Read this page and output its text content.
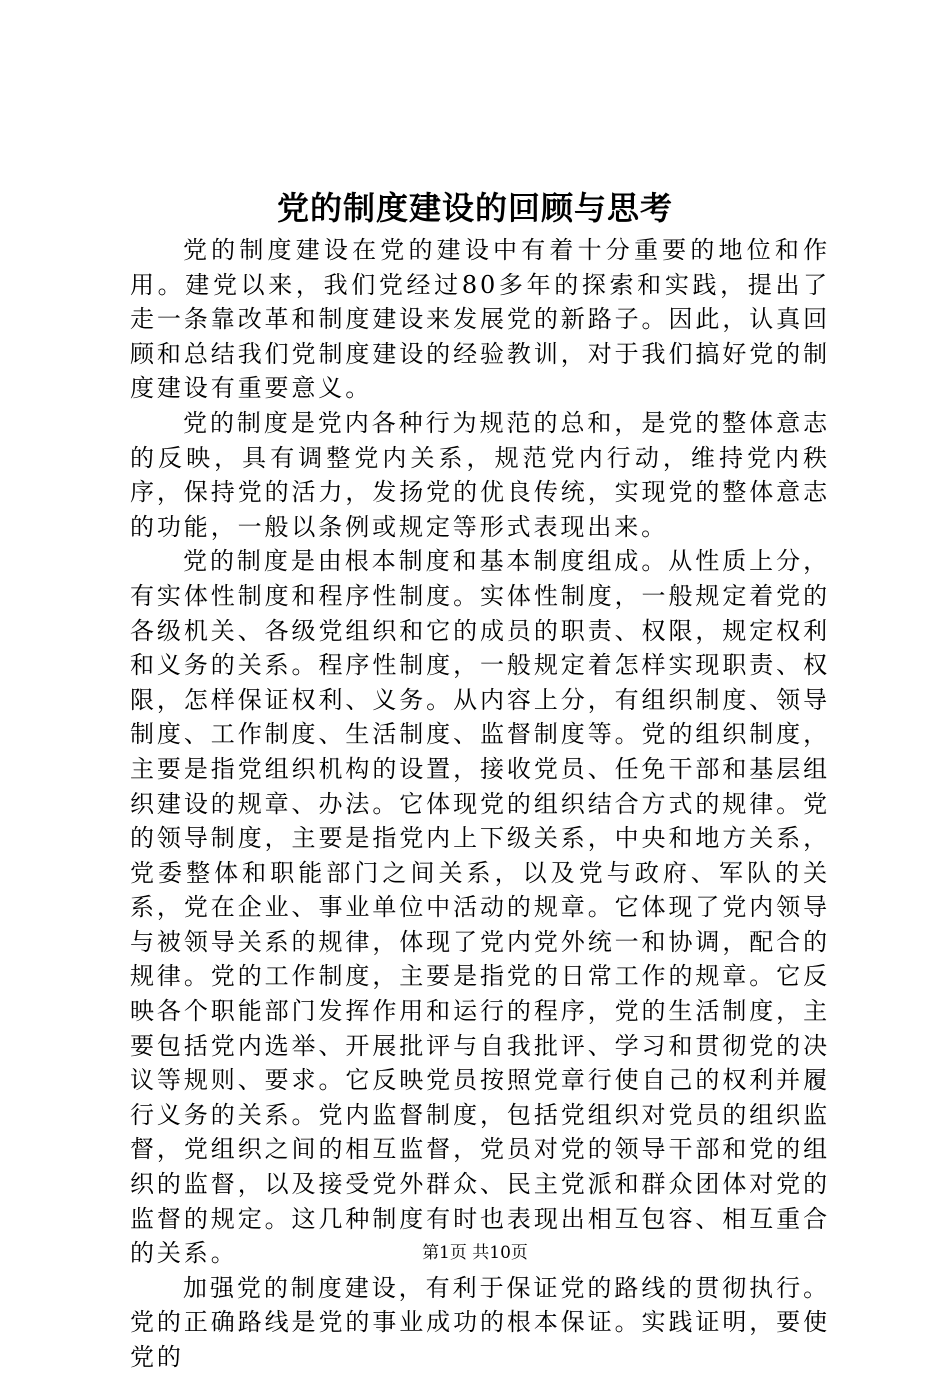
党的制度建设的回顾与思考

党的制度建设在党的建设中有着十分重要的地位和作用。建党以来，我们党经过80多年的探索和实践，提出了走一条靠改革和制度建设来发展党的新路子。因此，认真回顾和总结我们党制度建设的经验教训，对于我们搞好党的制度建设有重要意义。

党的制度是党内各种行为规范的总和，是党的整体意志的反映，具有调整党内关系，规范党内行动，维持党内秩序，保持党的活力，发扬党的优良传统，实现党的整体意志的功能，一般以条例或规定等形式表现出来。

党的制度是由根本制度和基本制度组成。从性质上分，有实体性制度和程序性制度。实体性制度，一般规定着党的各级机关、各级党组织和它的成员的职责、权限，规定权利和义务的关系。程序性制度，一般规定着怎样实现职责、权限，怎样保证权利、义务。从内容上分，有组织制度、领导制度、工作制度、生活制度、监督制度等。党的组织制度，主要是指党组织机构的设置，接收党员、任免干部和基层组织建设的规章、办法。它体现党的组织结合方式的规律。党的领导制度，主要是指党内上下级关系，中央和地方关系，党委整体和职能部门之间关系，以及党与政府、军队的关系，党在企业、事业单位中活动的规章。它体现了党内领导与被领导关系的规律，体现了党内党外统一和协调，配合的规律。党的工作制度，主要是指党的日常工作的规章。它反映各个职能部门发挥作用和运行的程序，党的生活制度，主要包括党内选举、开展批评与自我批评、学习和贯彻党的决议等规则、要求。它反映党员按照党章行使自己的权利并履行义务的关系。党内监督制度，包括党组织对党员的组织监督，党组织之间的相互监督，党员对党的领导干部和党的组织的监督，以及接受党外群众、民主党派和群众团体对党的监督的规定。这几种制度有时也表现出相互包容、相互重合的关系。

加强党的制度建设，有利于保证党的路线的贯彻执行。党的正确路线是党的事业成功的根本保证。实践证明，要使党的

第1页 共10页
